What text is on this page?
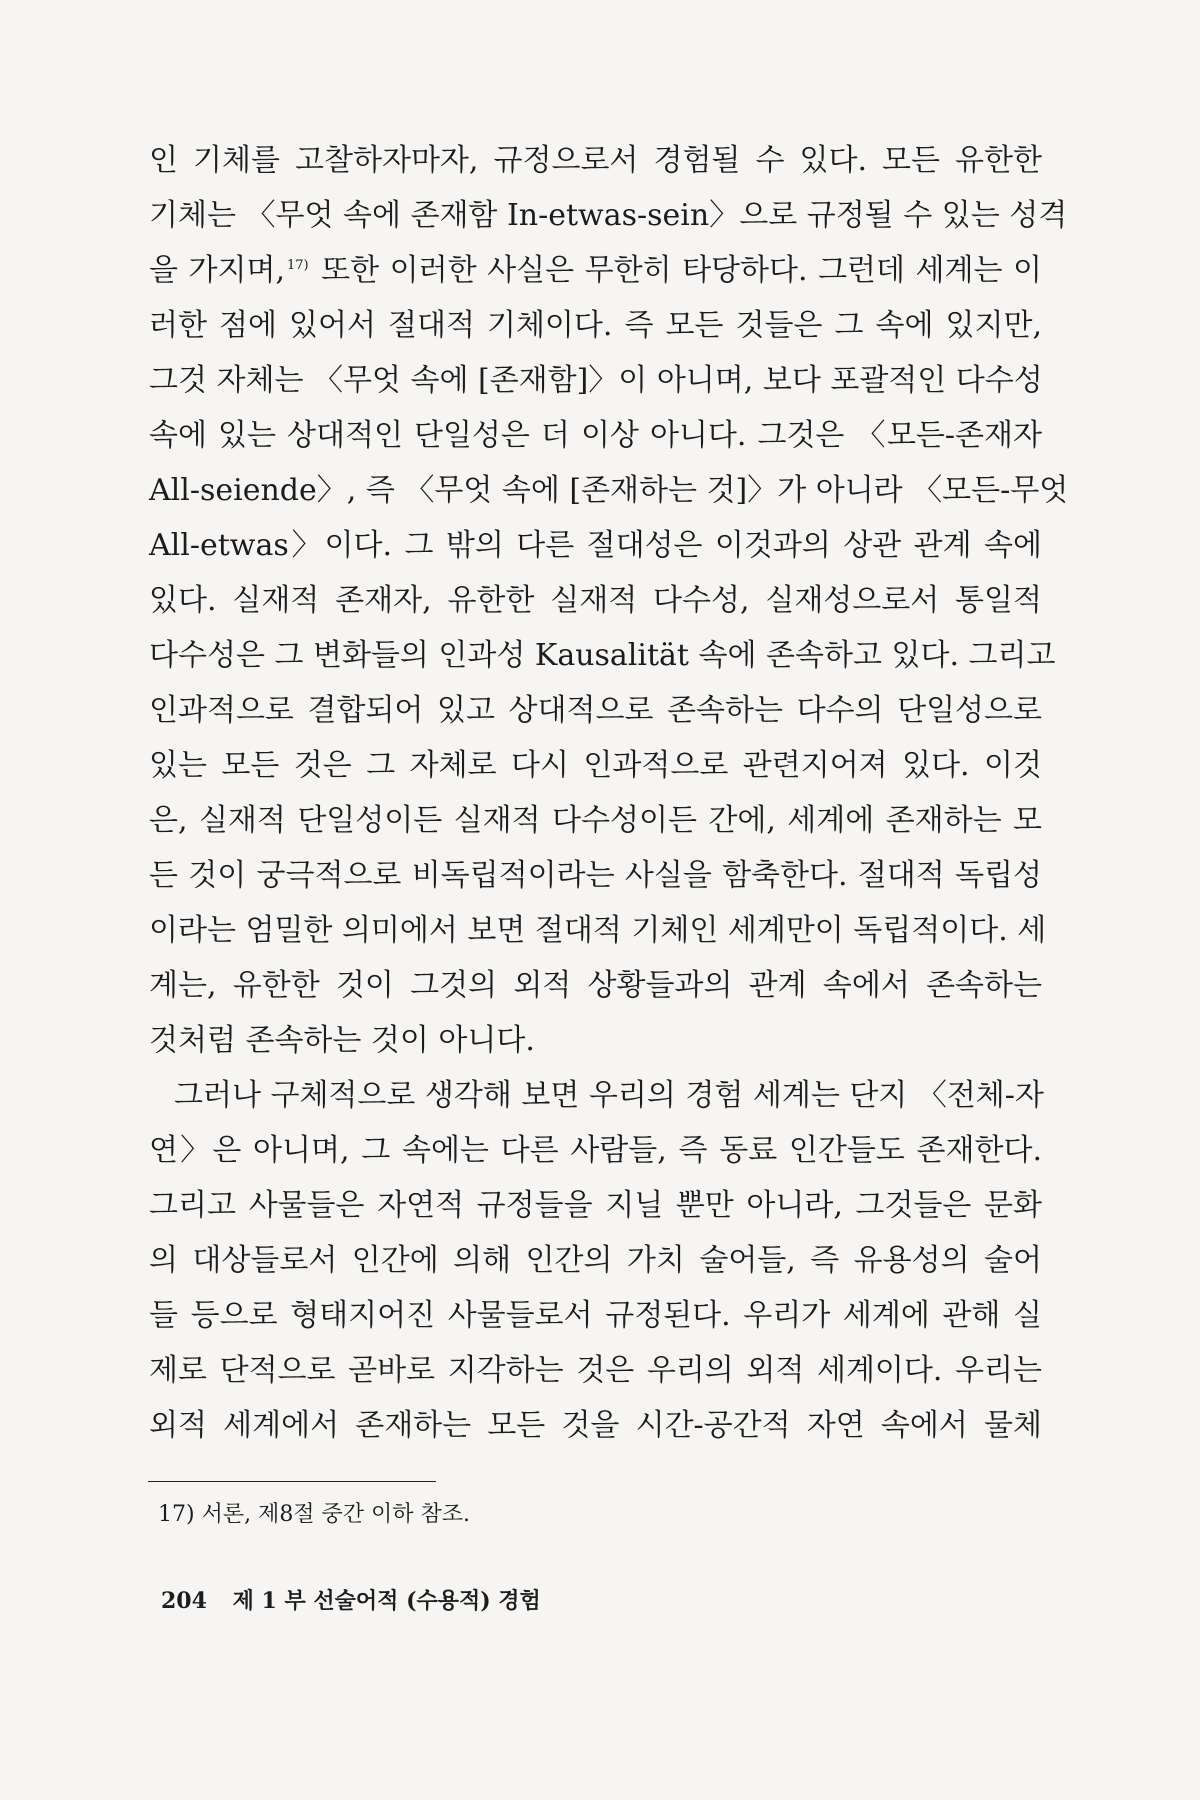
인 기체를 고찰하자마자, 규정으로서 경험될 수 있다. 모든 유한한
기체는 〈무엇 속에 존재함 In-etwas-sein〉으로 규정될 수 있는 성격
을 가지며, 17) 또한 이러한 사실은 무한히 타당하다. 그런데 세계는 이
러한 점에 있어서 절대적 기체이다. 즉 모든 것들은 그 속에 있지만,
그것 자체는 〈무엇 속에 [존재함]〉이 아니며, 보다 포괄적인 다수성
속에 있는 상대적인 단일성은 더 이상 아니다. 그것은 〈모든-존재자
All-seiende〉, 즉 〈무엇 속에 [존재하는 것]〉가 아니라 〈모든-무엇
All-etwas〉이다. 그 밖의 다른 절대성은 이것과의 상관 관계 속에
있다. 실재적 존재자, 유한한 실재적 다수성, 실재성으로서 통일적
다수성은 그 변화들의 인과성 Kausalität 속에 존속하고 있다. 그리고
인과적으로 결합되어 있고 상대적으로 존속하는 다수의 단일성으로
있는 모든 것은 그 자체로 다시 인과적으로 관련지어져 있다. 이것
은, 실재적 단일성이든 실재적 다수성이든 간에, 세계에 존재하는 모
든 것이 궁극적으로 비독립적이라는 사실을 함축한다. 절대적 독립성
이라는 엄밀한 의미에서 보면 절대적 기체인 세계만이 독립적이다. 세
계는, 유한한 것이 그것의 외적 상황들과의 관계 속에서 존속하는
것처럼 존속하는 것이 아니다.
그러나 구체적으로 생각해 보면 우리의 경험 세계는 단지 〈전체-자
연〉은 아니며, 그 속에는 다른 사람들, 즉 동료 인간들도 존재한다.
그리고 사물들은 자연적 규정들을 지닐 뿐만 아니라, 그것들은 문화
의 대상들로서 인간에 의해 인간의 가치 술어들, 즉 유용성의 술어
들 등으로 형태지어진 사물들로서 규정된다. 우리가 세계에 관해 실
제로 단적으로 곧바로 지각하는 것은 우리의 외적 세계이다. 우리는
외적 세계에서 존재하는 모든 것을 시간-공간적 자연 속에서 물체
17) 서론, 제8절 중간 이하 참조.
204 제 1 부 선술어적 (수용적) 경험
